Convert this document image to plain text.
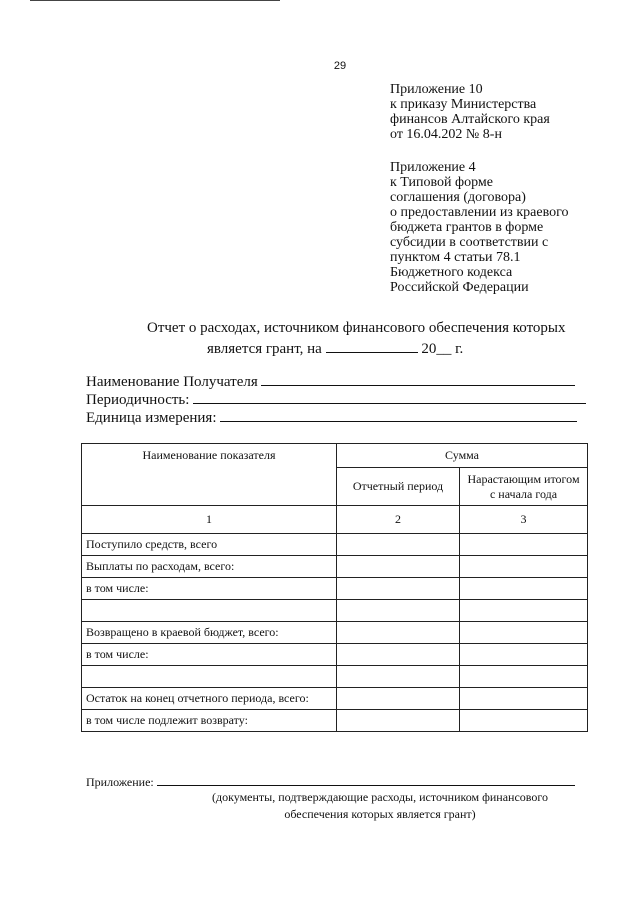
29
Приложение 10
к приказу Министерства
финансов Алтайского края
от 16.04.202 № 8-н
Приложение 4
к Типовой форме
соглашения (договора)
о предоставлении из краевого
бюджета грантов в форме
субсидии в соответствии с
пунктом 4 статьи 78.1
Бюджетного кодекса
Российской Федерации
Отчет о расходах, источником финансового обеспечения которых
является грант, на	20__ г.
Наименование Получателя
Периодичность:
Единица измерения:
Наименование показателя	Сумма	
	Отчетный период	Нарастающим итогом
с начала года
1	2	3
Поступило средств, всего		
Выплаты по расходам, всего:		
в том числе:		

Возвращено в краевой бюджет, всего:		
в том числе:		

Остаток на конец отчетного периода, всего:		
в том числе подлежит возврату:		
Приложение:
(документы, подтверждающие расходы, источником финансового
обеспечения которых является грант)
